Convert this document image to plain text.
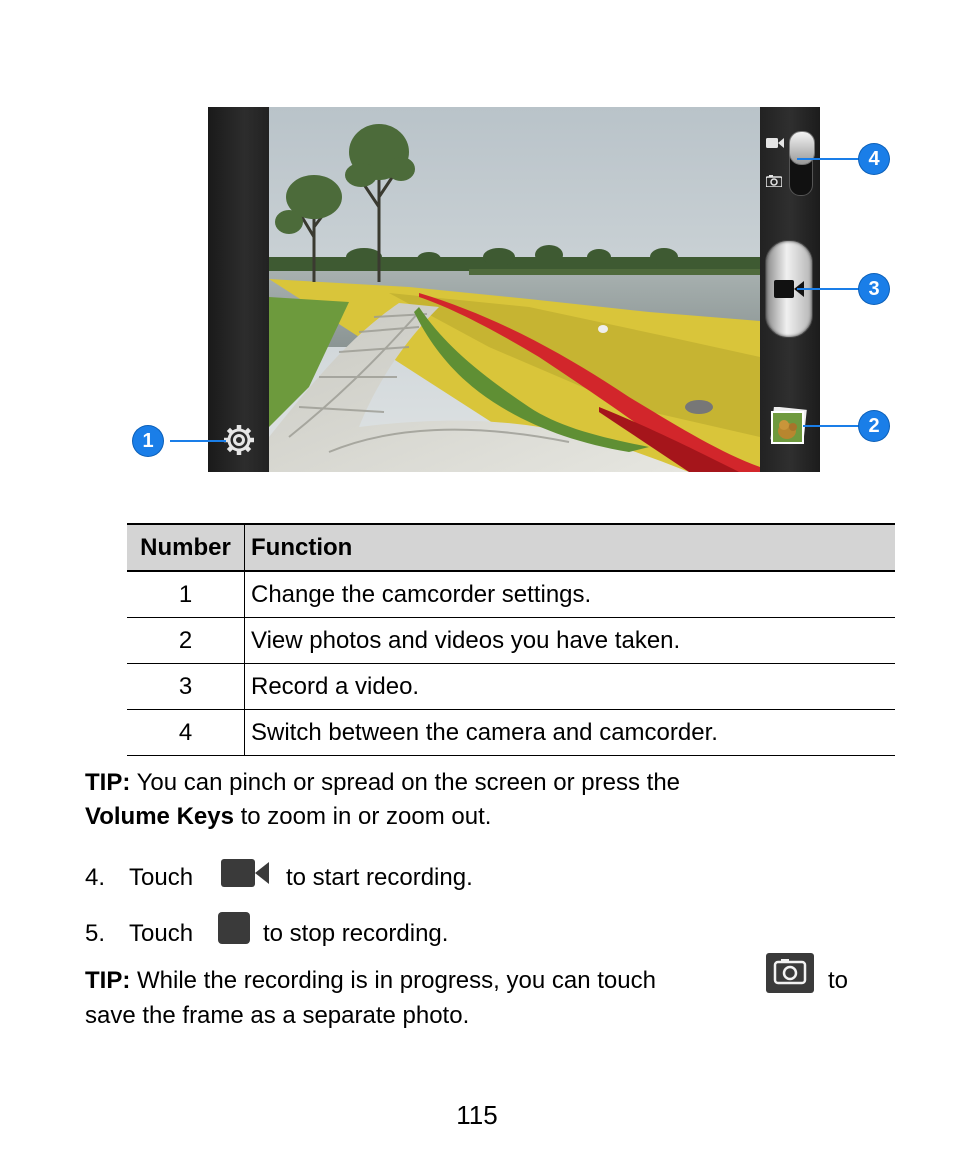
4
3
2
1
Number	Function
1	Change the camcorder settings.
2	View photos and videos you have taken.
3	Record a video.
4	Switch between the camera and camcorder.

TIP: You can pinch or spread on the screen or press the
Volume Keys to zoom in or zoom out.

4. Touch	to start recording.
5. Touch	to stop recording.
TIP: While the recording is in progress, you can touch	to
save the frame as a separate photo.
115
